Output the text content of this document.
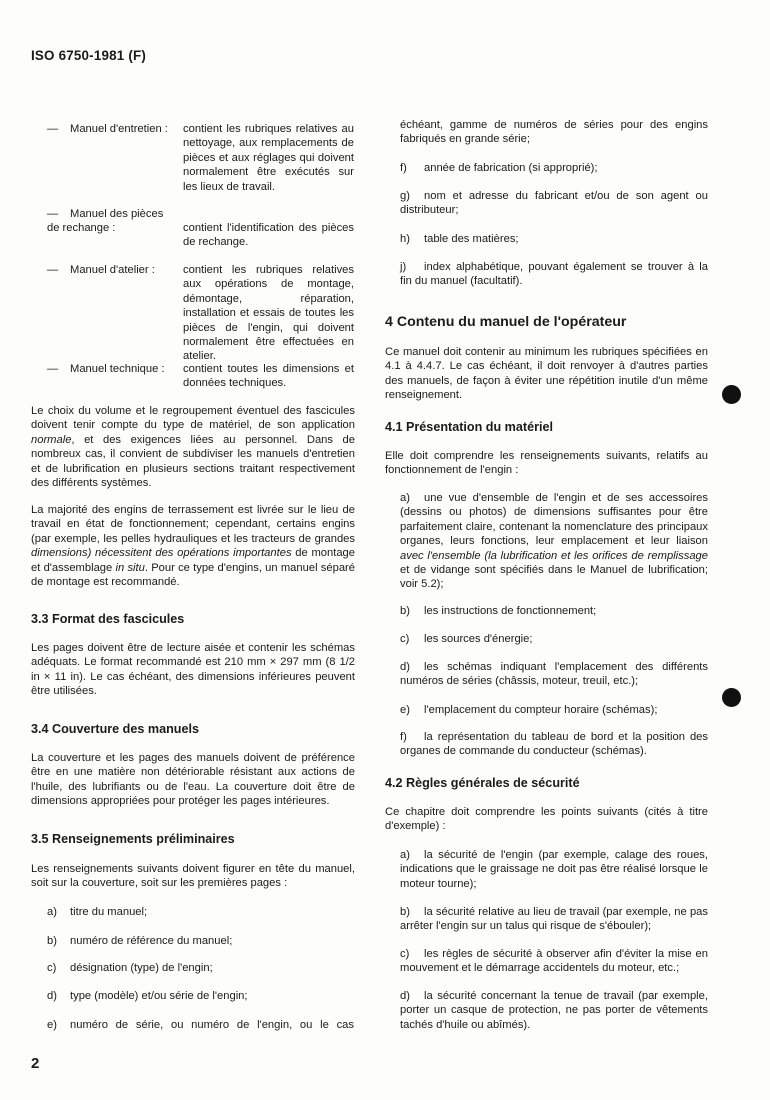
ISO 6750-1981 (F)
2
— Manuel d'entretien : contient les rubriques relatives au nettoyage, aux remplacements de pièces et aux réglages qui doivent normalement être exécutés sur les lieux de travail.

— Manuel des pièces
de rechange :	contient l'identification des pièces de rechange.

— Manuel d'atelier :	contient les rubriques relatives aux opérations de montage, démontage, réparation, installation et essais de toutes les pièces de l'engin, qui doivent normalement être effectuées en atelier.

— Manuel technique : contient toutes les dimensions et données techniques.

Le choix du volume et le regroupement éventuel des fascicules doivent tenir compte du type de matériel, de son application normale, et des exigences liées au personnel. Dans de nombreux cas, il convient de subdiviser les manuels d'entretien et de lubrification en plusieurs sections traitant respectivement des différents systèmes.

La majorité des engins de terrassement est livrée sur le lieu de travail en état de fonctionnement; cependant, certains engins (par exemple, les pelles hydrauliques et les tracteurs de grandes dimensions) nécessitent des opérations importantes de montage et d'assemblage in situ. Pour ce type d'engins, un manuel séparé de montage est recommandé.

3.3 Format des fascicules

Les pages doivent être de lecture aisée et contenir les schémas adéquats. Le format recommandé est 210 mm × 297 mm (8 1/2 in × 11 in). Le cas échéant, des dimensions inférieures peuvent être utilisées.

3.4 Couverture des manuels

La couverture et les pages des manuels doivent de préférence être en une matière non détériorable résistant aux actions de l'huile, des lubrifiants ou de l'eau. La couverture doit être de dimensions appropriées pour protéger les pages intérieures.

3.5 Renseignements préliminaires

Les renseignements suivants doivent figurer en tête du manuel, soit sur la couverture, soit sur les premières pages :

a) titre du manuel;
b) numéro de référence du manuel;
c) désignation (type) de l'engin;
d) type (modèle) et/ou série de l'engin;
e) numéro de série, ou numéro de l'engin, ou le cas

échéant, gamme de numéros de séries pour des engins fabriqués en grande série;

f) année de fabrication (si approprié);
g)	nom et adresse du fabricant et/ou de son agent ou distributeur;

h) table des matières;
j)	index alphabétique, pouvant également se trouver à la fin du manuel (facultatif).

4 Contenu du manuel de l'opérateur

Ce manuel doit contenir au minimum les rubriques spécifiées en 4.1 à 4.4.7. Le cas échéant, il doit renvoyer à d'autres parties des manuels, de façon à éviter une répétition inutile d'un même renseignement.

4.1 Présentation du matériel

Elle doit comprendre les renseignements suivants, relatifs au fonctionnement de l'engin :

a)	une vue d'ensemble de l'engin et de ses accessoires (dessins ou photos) de dimensions suffisantes pour être parfaitement claire, contenant la nomenclature des principaux organes, leurs fonctions, leur emplacement et leur liaison avec l'ensemble (la lubrification et les orifices de remplissage et de vidange sont spécifiés dans le Manuel de lubrification; voir 5.2);

b) les instructions de fonctionnement;
c) les sources d'énergie;
d)	les schémas indiquant l'emplacement des différents numéros de séries (châssis, moteur, treuil, etc.);

e) l'emplacement du compteur horaire (schémas);
f)	la représentation du tableau de bord et la position des organes de commande du conducteur (schémas).

4.2 Règles générales de sécurité

Ce chapitre doit comprendre les points suivants (cités à titre d'exemple) :

a)	la sécurité de l'engin (par exemple, calage des roues, indications que le graissage ne doit pas être réalisé lorsque le moteur tourne);

b)	la sécurité relative au lieu de travail (par exemple, ne pas arrêter l'engin sur un talus qui risque de s'ébouler);

c)	les règles de sécurité à observer afin d'éviter la mise en mouvement et le démarrage accidentels du moteur, etc.;

d)	la sécurité concernant la tenue de travail (par exemple, porter un casque de protection, ne pas porter de vêtements tachés d'huile ou abîmés).
